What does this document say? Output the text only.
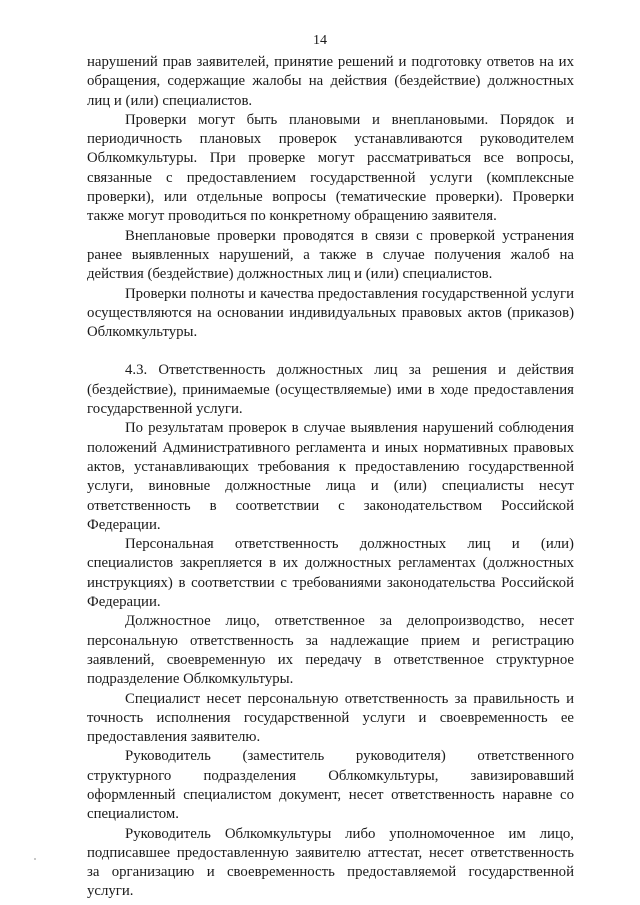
14

нарушений прав заявителей, принятие решений и подготовку ответов на их обращения, содержащие жалобы на действия (бездействие) должностных лиц и (или) специалистов.

Проверки могут быть плановыми и внеплановыми. Порядок и периодичность плановых проверок устанавливаются руководителем Облкомкультуры. При проверке могут рассматриваться все вопросы, связанные с предоставлением государственной услуги (комплексные проверки), или отдельные вопросы (тематические проверки). Проверки также могут проводиться по конкретному обращению заявителя.

Внеплановые проверки проводятся в связи с проверкой устранения ранее выявленных нарушений, а также в случае получения жалоб на действия (бездействие) должностных лиц и (или) специалистов.

Проверки полноты и качества предоставления государственной услуги осуществляются на основании индивидуальных правовых актов (приказов) Облкомкультуры.

4.3. Ответственность должностных лиц за решения и действия (бездействие), принимаемые (осуществляемые) ими в ходе предоставления государственной услуги.

По результатам проверок в случае выявления нарушений соблюдения положений Административного регламента и иных нормативных правовых актов, устанавливающих требования к предоставлению государственной услуги, виновные должностные лица и (или) специалисты несут ответственность в соответствии с законодательством Российской Федерации.

Персональная ответственность должностных лиц и (или) специалистов закрепляется в их должностных регламентах (должностных инструкциях) в соответствии с требованиями законодательства Российской Федерации.

Должностное лицо, ответственное за делопроизводство, несет персональную ответственность за надлежащие прием и регистрацию заявлений, своевременную их передачу в ответственное структурное подразделение Облкомкультуры.

Специалист несет персональную ответственность за правильность и точность исполнения государственной услуги и своевременность ее предоставления заявителю.

Руководитель (заместитель руководителя) ответственного структурного подразделения Облкомкультуры, завизировавший оформленный специалистом документ, несет ответственность наравне со специалистом.

Руководитель Облкомкультуры либо уполномоченное им лицо, подписавшее предоставленную заявителю аттестат, несет ответственность за организацию и своевременность предоставляемой государственной услуги.
